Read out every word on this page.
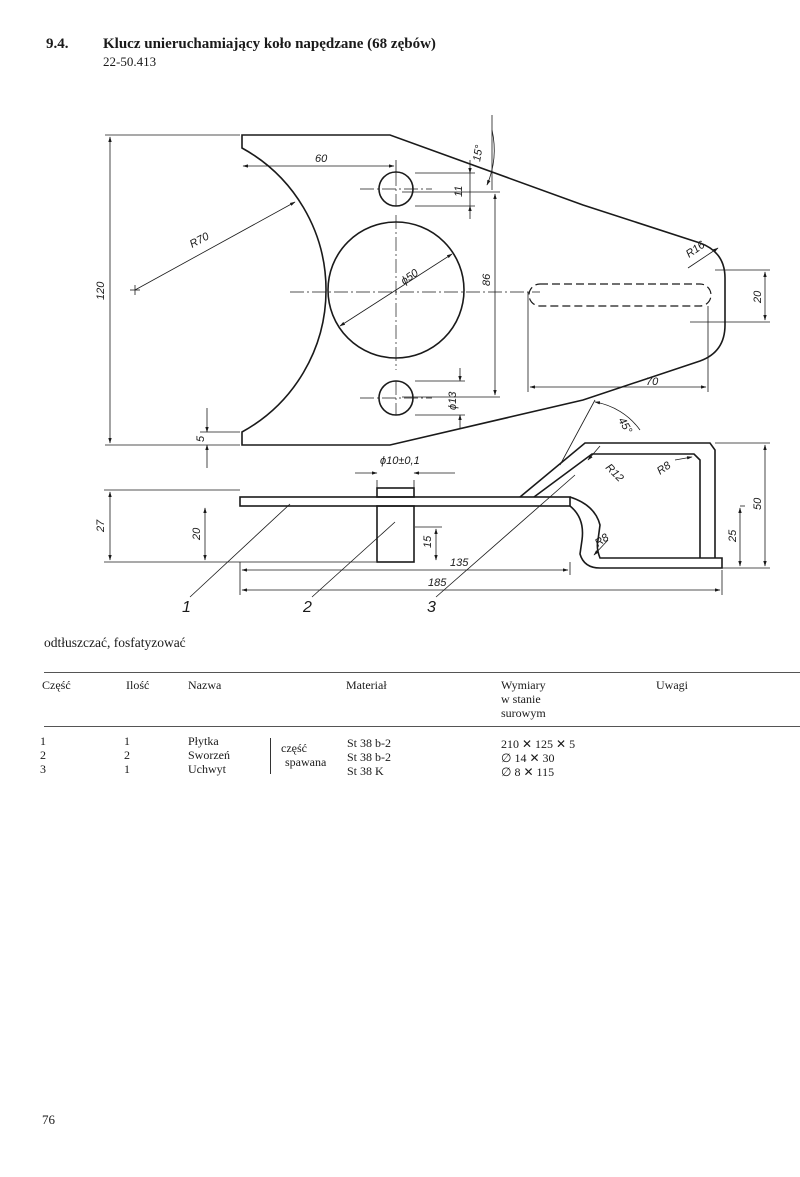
9.4. Klucz unieruchamiający koło napędzane (68 zębów)
22-50.413
60	15°
11
R70	R16
ϕ50	86
20
120
70
ϕ13
5
45°
ϕ10±0,1
R12	R8
27
20
15	R8
135
185
25
50
1	2	3
odtłuszczać, fosfatyzować
Część	Ilość	Nazwa	Materiał	Wymiary
w stanie
surowym
Uwagi
1	1	Płytka	St 38 b-2	210 ✕ 125 ✕ 5
2	2	Sworzeń	St 38 b-2	∅ 14 ✕ 30
3	1	Uchwyt	St 38 K	∅ 8 ✕ 115
część
spawana
76
